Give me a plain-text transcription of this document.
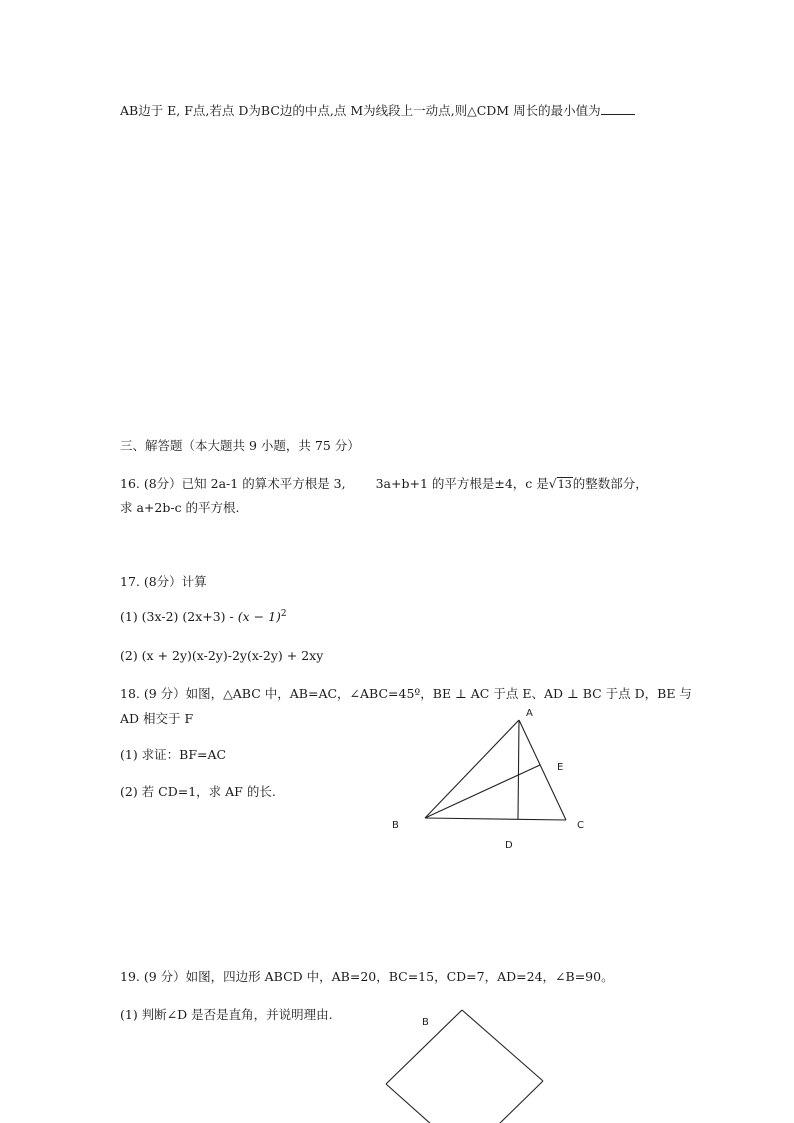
AB边于 E, F点,若点 D为BC边的中点,点 M为线段上一动点,则△CDM 周长的最小值为
三、解答题（本大题共 9 小题，共 75 分）
16. (8分）已知 2a-1 的算术平方根是 3, 3a+b+1 的平方根是±4，c 是√13的整数部分，
求 a+2b-c 的平方根.
17. (8分）计算
(1) (3x-2) $(2x+3) - (x - 1)^2$
(2) (x + 2y)(x-2y)-2y(x-2y) + 2xy
18. (9 分）如图，△ABC 中，AB=AC，∠ABC=45º，BE ⊥ AC 于点 E、AD ⊥ BC 于点 D，BE 与
AD 相交于 F
(1) 求证：BF=AC
(2) 若 CD=1，求 AF 的长.
A
E
B	C
D
19. (9 分）如图，四边形 ABCD 中，AB=20，BC=15，CD=7，AD=24，∠B=90。
(1) 判断∠D 是否是直角，并说明理由.
B
